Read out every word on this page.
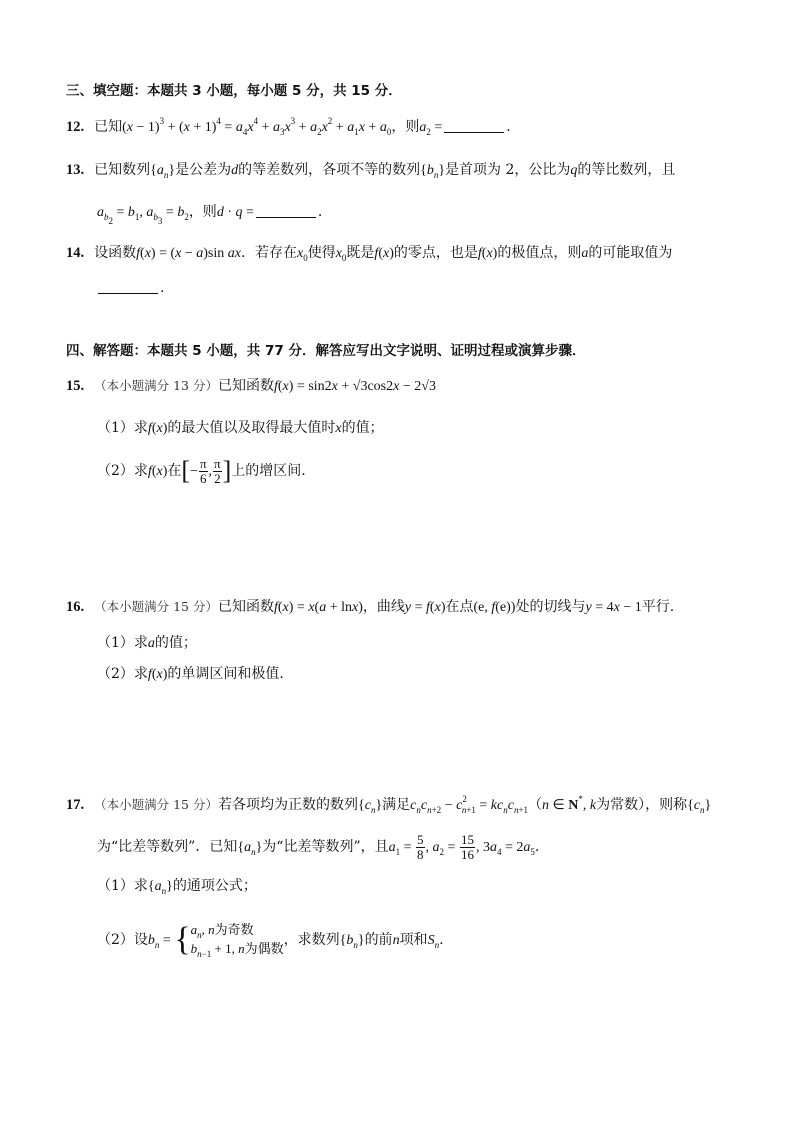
三、填空题：本题共 3 小题，每小题 5 分，共 15 分．
12. 已知$(x - 1)^3 + (x + 1)^4 = a_4x^4 + a_3x^3 + a_2x^2 + a_1x + a_0$，则$a_2$ =	.
13. 已知数列$\{a_n\}$是公差为d的等差数列，各项不等的数列$\{b_n\}$是首项为 2，公比为q的等比数列，且
$a_{b_2} = b_1$, $a_{b_3} = b_2$，则d · q =	.
14. 设函数f(x) = (x − a)sin ax．若存在$x_0$使得$x_0$既是f(x)的零点，也是f(x)的极值点，则a的可能取值为
.
四、解答题：本题共 5 小题，共 77 分．解答应写出文字说明、证明过程或演算步骤．
15. （本小题满分 13 分）已知函数f(x) = sin2x + √3cos2x − 2√3
（1）求f(x)的最大值以及取得最大值时x的值；
（2）求f(x)在[− $\frac{\pi}{6}$ , $\frac{\pi}{2}$ ]上的增区间.
16. （本小题满分 15 分）已知函数f(x) = x(a + lnx)，曲线y = f(x)在点(e, f(e))处的切线与y = 4x − 1平行.
（1）求a的值；
（2）求f(x)的单调区间和极值.
17. （本小题满分 15 分）若各项均为正数的数列$\{c_n\}$满足$c_nc_{n+2} - c^2_{n+1} = kc_nc_{n+1}(n$ ∈ N*, k为常数），则称$\{c_n\}$
为“比差等数列”．已知$\{a_n\}$为“比差等数列”，且$a_1 = \frac{5}{8}$ , $a_2 = \frac{15}{16}$ , $3a_4 = 2a_5$.
（1）求$\{a_n\}$的通项公式；
（2）设$b_n$ = { $a_n$, n为奇数
$b_{n-1} + 1$, n为偶数
，求数列$\{b_n\}$的前n项和$S_n$.
